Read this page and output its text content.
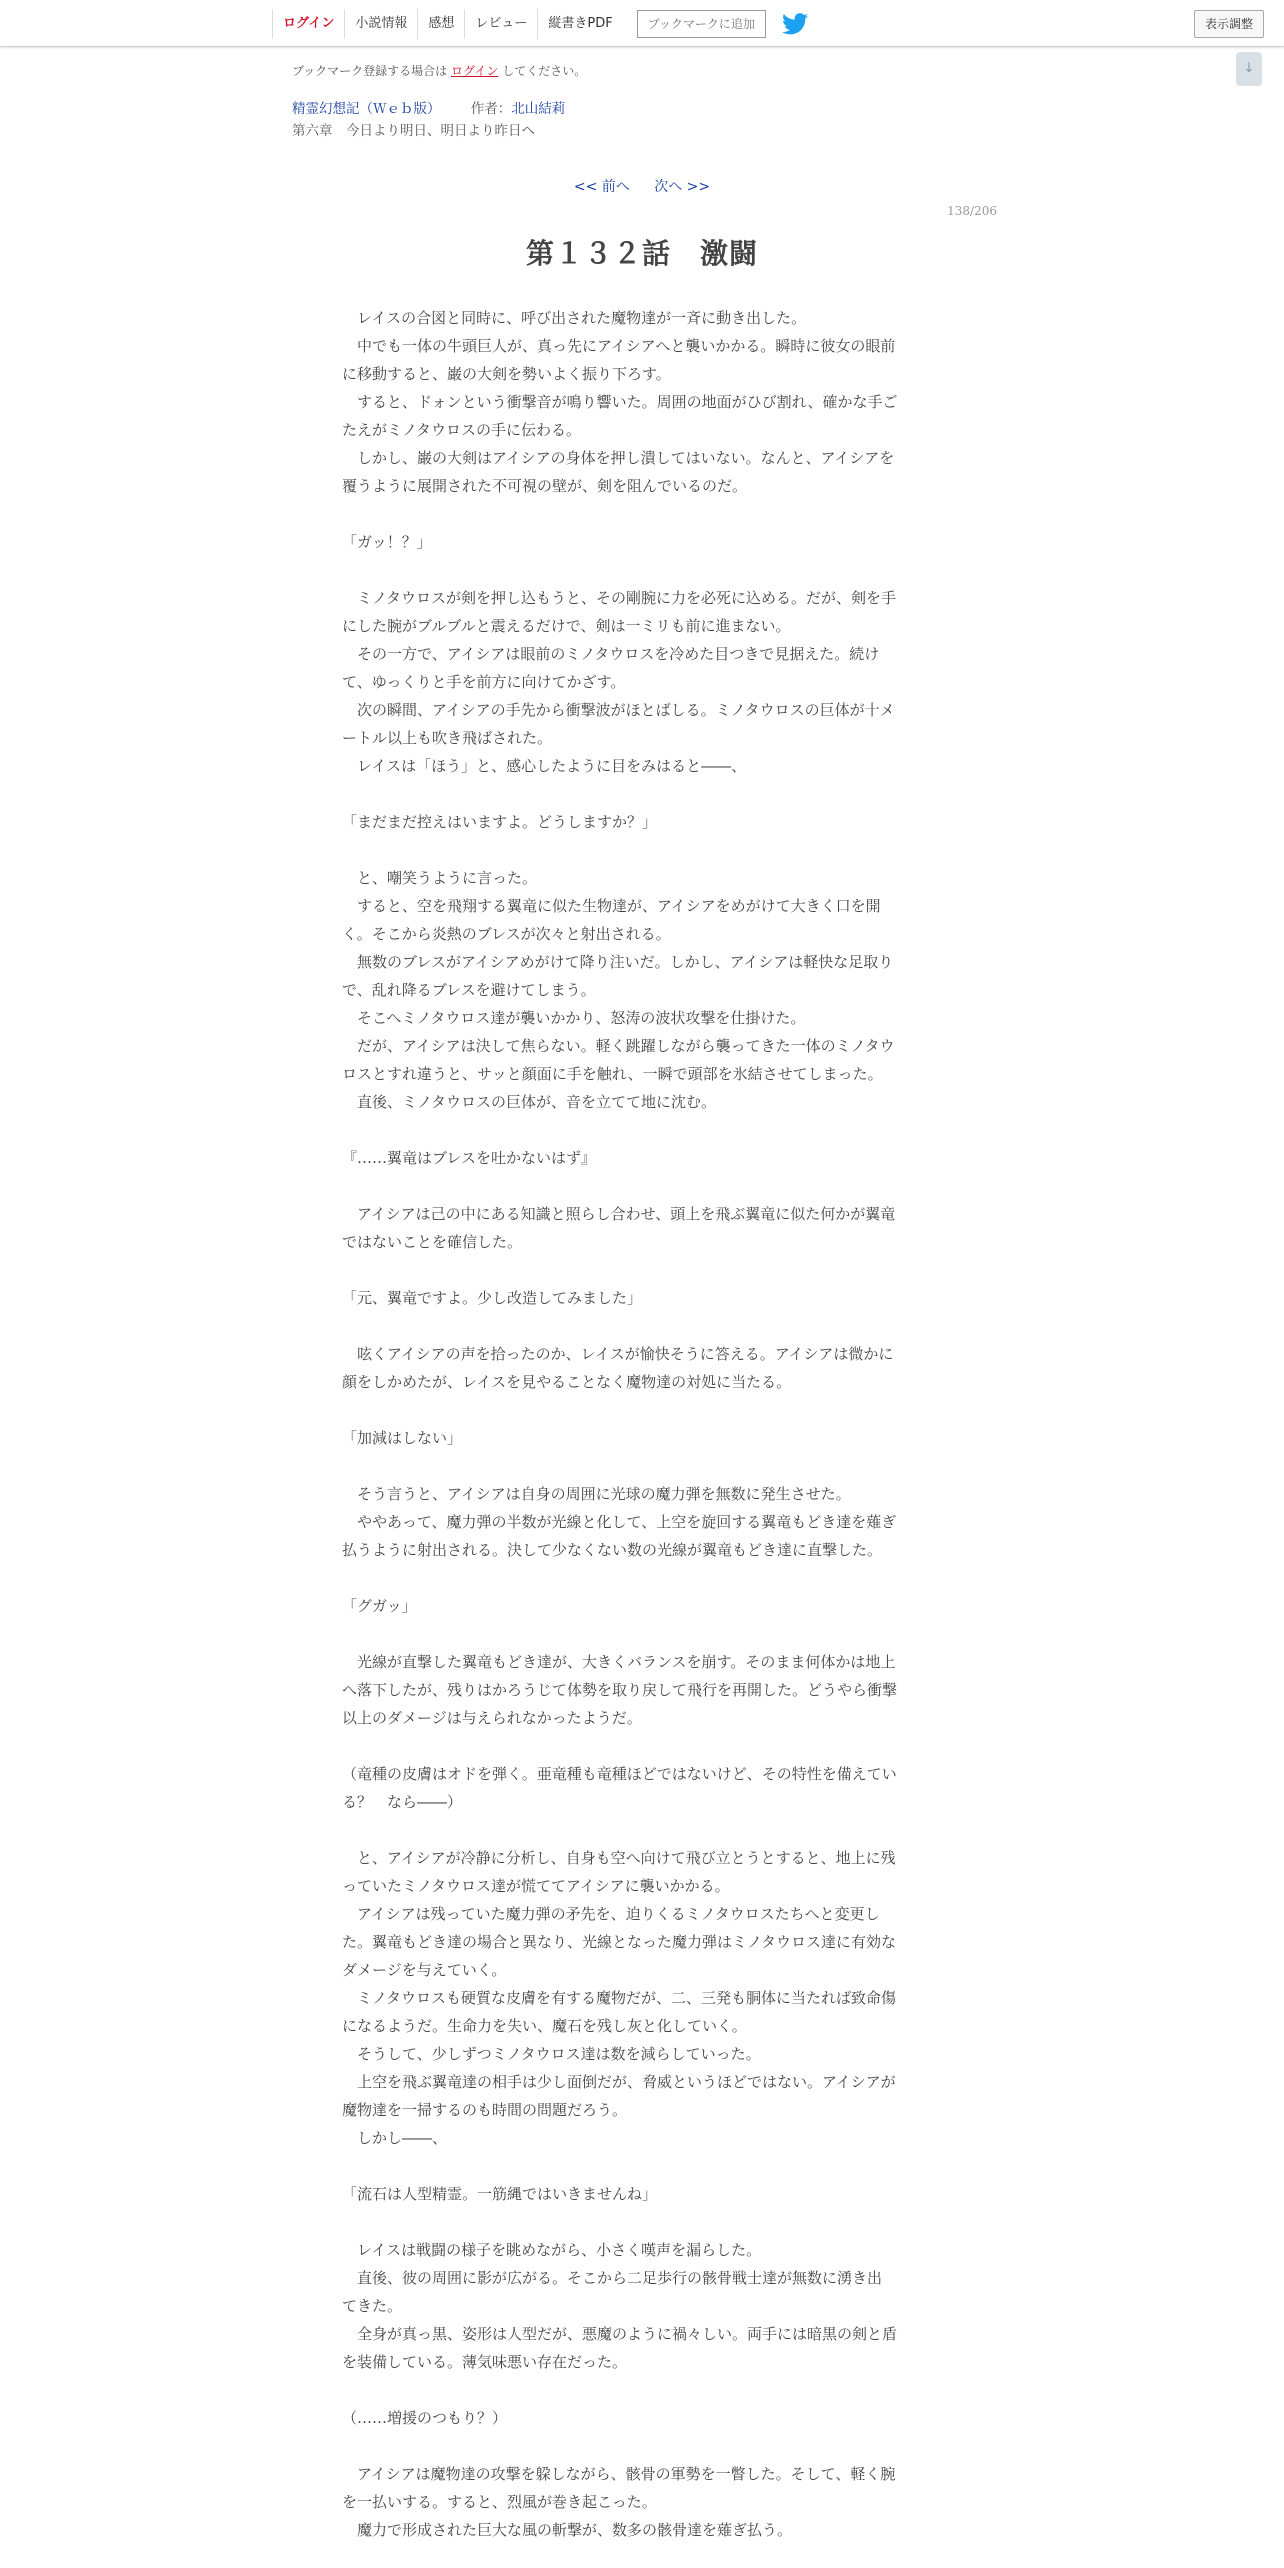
ログイン	小説情報	感想	レビュー	縦書きPDF	ブックマークに追加	表示調整
↓
ブックマーク登録する場合は ログイン してください。
精霊幻想記（Ｗｅｂ版） 作者：北山結莉
第六章　今日より明日、明日より昨日へ
<< 前へ 次へ >>
138/206
第１３２話　激闘

　レイスの合図と同時に、呼び出された魔物達が一斉に動き出した。

　中でも一体の牛頭巨人が、真っ先にアイシアへと襲いかかる。瞬時に彼女の眼前

に移動すると、巌の大剣を勢いよく振り下ろす。

　すると、ドォンという衝撃音が鳴り響いた。周囲の地面がひび割れ、確かな手ご

たえがミノタウロスの手に伝わる。

　しかし、巌の大剣はアイシアの身体を押し潰してはいない。なんと、アイシアを

覆うように展開された不可視の壁が、剣を阻んでいるのだ。

「ガッ！？」

　ミノタウロスが剣を押し込もうと、その剛腕に力を必死に込める。だが、剣を手

にした腕がブルブルと震えるだけで、剣は一ミリも前に進まない。

　その一方で、アイシアは眼前のミノタウロスを冷めた目つきで見据えた。続け

て、ゆっくりと手を前方に向けてかざす。

　次の瞬間、アイシアの手先から衝撃波がほとばしる。ミノタウロスの巨体が十メ

ートル以上も吹き飛ばされた。

　レイスは「ほう」と、感心したように目をみはると――、

「まだまだ控えはいますよ。どうしますか？」

　と、嘲笑うように言った。

　すると、空を飛翔する翼竜に似た生物達が、アイシアをめがけて大きく口を開

く。そこから炎熱のブレスが次々と射出される。

　無数のブレスがアイシアめがけて降り注いだ。しかし、アイシアは軽快な足取り

で、乱れ降るブレスを避けてしまう。

　そこへミノタウロス達が襲いかかり、怒涛の波状攻撃を仕掛けた。

　だが、アイシアは決して焦らない。軽く跳躍しながら襲ってきた一体のミノタウ

ロスとすれ違うと、サッと顔面に手を触れ、一瞬で頭部を氷結させてしまった。

　直後、ミノタウロスの巨体が、音を立てて地に沈む。

『……翼竜はブレスを吐かないはず』

　アイシアは己の中にある知識と照らし合わせ、頭上を飛ぶ翼竜に似た何かが翼竜

ではないことを確信した。

「元、翼竜ですよ。少し改造してみました」

　呟くアイシアの声を拾ったのか、レイスが愉快そうに答える。アイシアは微かに

顔をしかめたが、レイスを見やることなく魔物達の対処に当たる。

「加減はしない」

　そう言うと、アイシアは自身の周囲に光球の魔力弾を無数に発生させた。

　ややあって、魔力弾の半数が光線と化して、上空を旋回する翼竜もどき達を薙ぎ

払うように射出される。決して少なくない数の光線が翼竜もどき達に直撃した。

「グガッ」

　光線が直撃した翼竜もどき達が、大きくバランスを崩す。そのまま何体かは地上

へ落下したが、残りはかろうじて体勢を取り戻して飛行を再開した。どうやら衝撃

以上のダメージは与えられなかったようだ。

（竜種の皮膚はオドを弾く。亜竜種も竜種ほどではないけど、その特性を備えてい

る？　なら――）

　と、アイシアが冷静に分析し、自身も空へ向けて飛び立とうとすると、地上に残

っていたミノタウロス達が慌ててアイシアに襲いかかる。

　アイシアは残っていた魔力弾の矛先を、迫りくるミノタウロスたちへと変更し

た。翼竜もどき達の場合と異なり、光線となった魔力弾はミノタウロス達に有効な

ダメージを与えていく。

　ミノタウロスも硬質な皮膚を有する魔物だが、二、三発も胴体に当たれば致命傷

になるようだ。生命力を失い、魔石を残し灰と化していく。

　そうして、少しずつミノタウロス達は数を減らしていった。

　上空を飛ぶ翼竜達の相手は少し面倒だが、脅威というほどではない。アイシアが

魔物達を一掃するのも時間の問題だろう。

　しかし――、

「流石は人型精霊。一筋縄ではいきませんね」

　レイスは戦闘の様子を眺めながら、小さく嘆声を漏らした。

　直後、彼の周囲に影が広がる。そこから二足歩行の骸骨戦士達が無数に湧き出

てきた。

　全身が真っ黒、姿形は人型だが、悪魔のように禍々しい。両手には暗黒の剣と盾

を装備している。薄気味悪い存在だった。

（……増援のつもり？）

　アイシアは魔物達の攻撃を躱しながら、骸骨の軍勢を一瞥した。そして、軽く腕

を一払いする。すると、烈風が巻き起こった。

　魔力で形成された巨大な風の斬撃が、数多の骸骨達を薙ぎ払う。
